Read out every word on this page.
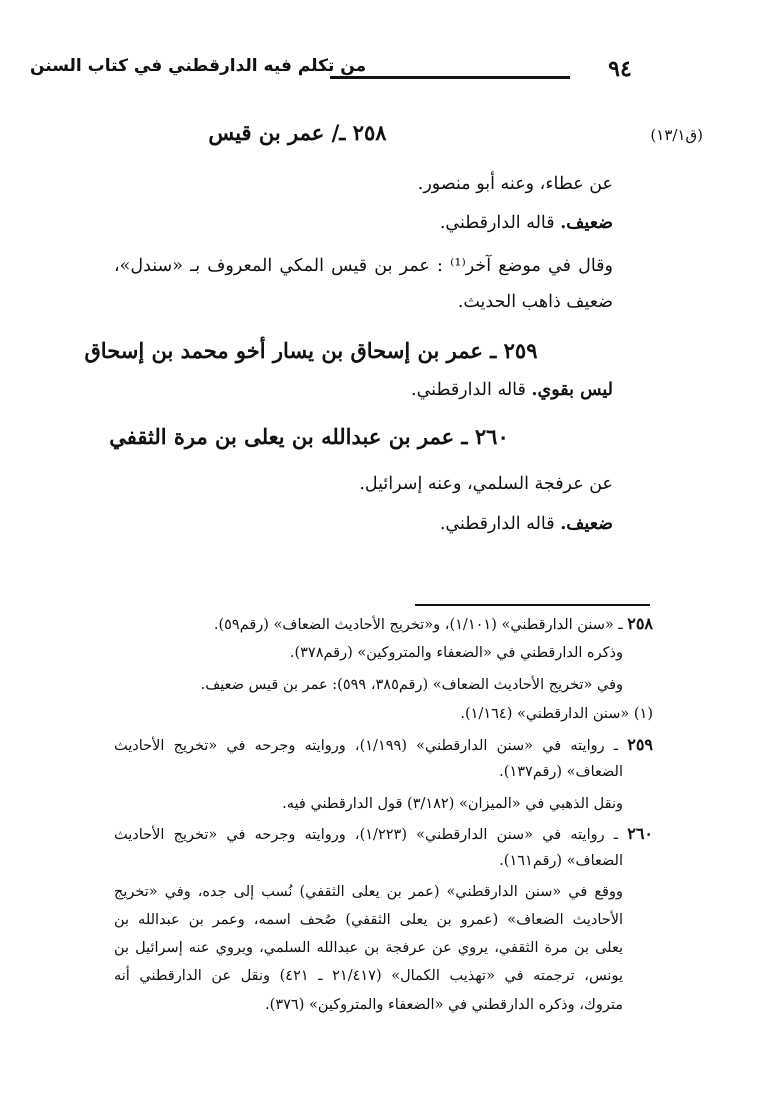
من تكلم فيه الدارقطني في كتاب السنن	٩٤
(ق١٣/١)
٢٥٨ ـ/ عمر بن قيس
عن عطاء، وعنه أبو منصور.
ضعيف. قاله الدارقطني.
وقال في موضع آخر⁽¹⁾ : عمر بن قيس المكي المعروف بـ «سندل»،
ضعيف ذاهب الحديث.
٢٥٩ ـ عمر بن إسحاق بن يسار أخو محمد بن إسحاق
ليس بقوي. قاله الدارقطني.
٢٦٠ ـ عمر بن عبدالله بن يعلى بن مرة الثقفي
عن عرفجة السلمي، وعنه إسرائيل.
ضعيف. قاله الدارقطني.
٢٥٨ ـ «سنن الدارقطني» (١/١٠١)، و«تخريج الأحاديث الضعاف» (رقم٥٩).
وذكره الدارقطني في «الضعفاء والمتروكين» (رقم٣٧٨).
وفي «تخريج الأحاديث الضعاف» (رقم٣٨٥، ٥٩٩): عمر بن قيس ضعيف.
(١) «سنن الدارقطني» (١/١٦٤).
٢٥٩ ـ روايته في «سنن الدارقطني» (١/١٩٩)، وروايته وجرحه في «تخريج الأحاديث
الضعاف» (رقم١٣٧).
ونقل الذهبي في «الميزان» (٣/١٨٢) قول الدارقطني فيه.
٢٦٠ ـ روايته في «سنن الدارقطني» (١/٢٢٣)، وروايته وجرحه في «تخريج الأحاديث
الضعاف» (رقم١٦١).
ووقع في «سنن الدارقطني» (عمر بن يعلى الثقفي) نُسب إلى جده، وفي «تخريج
الأحاديث الضعاف» (عمرو بن يعلى الثقفي) صُحف اسمه، وعمر بن عبدالله بن
يعلى بن مرة الثقفي، يروي عن عرفجة بن عبدالله السلمي، ويروي عنه إسرائيل بن
يونس، ترجمته في «تهذيب الكمال» (٢١/٤١٧ ـ ٤٢١) ونقل عن الدارقطني أنه
متروك، وذكره الدارقطني في «الضعفاء والمتروكين» (٣٧٦).
